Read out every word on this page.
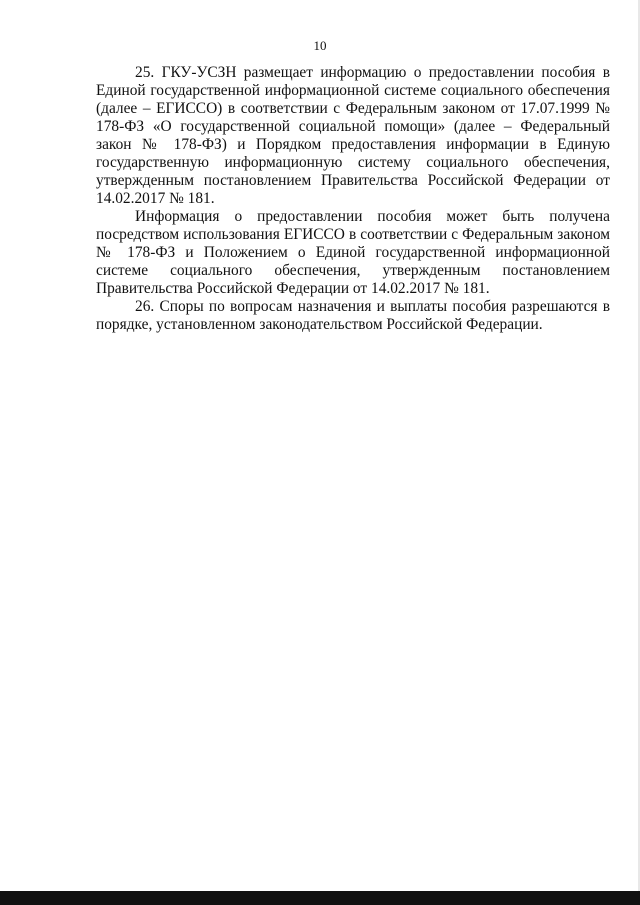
10

25. ГКУ-УСЗН размещает информацию о предоставлении пособия в Единой государственной информационной системе социального обеспечения (далее – ЕГИССО) в соответствии с Федеральным законом от 17.07.1999 № 178-ФЗ «О государственной социальной помощи» (далее – Федеральный закон № 178-ФЗ) и Порядком предоставления информации в Единую государственную информационную систему социального обеспечения, утвержденным постановлением Правительства Российской Федерации от 14.02.2017 № 181.

Информация о предоставлении пособия может быть получена посредством использования ЕГИССО в соответствии с Федеральным законом № 178-ФЗ и Положением о Единой государственной информационной системе социального обеспечения, утвержденным постановлением Правительства Российской Федерации от 14.02.2017 № 181.

26. Споры по вопросам назначения и выплаты пособия разрешаются в порядке, установленном законодательством Российской Федерации.
